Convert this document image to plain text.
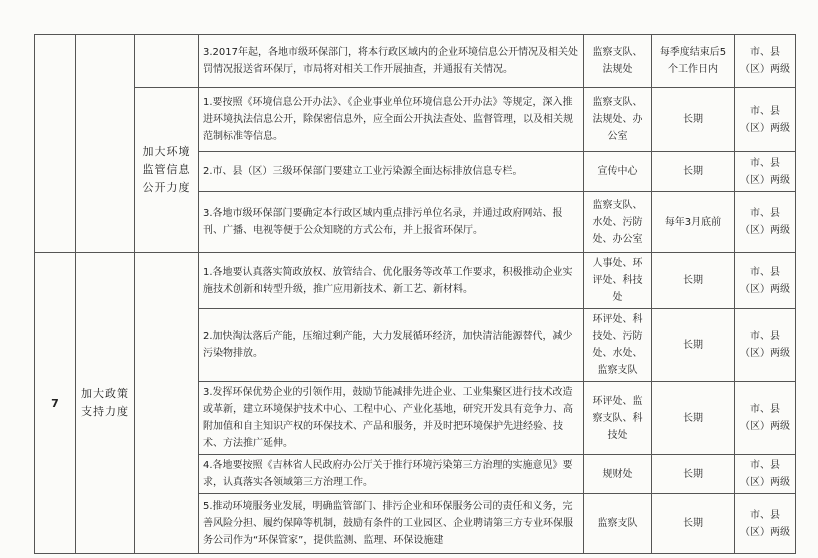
			3.2017年起，各地市级环保部门，将本行政区域内的企业环境信息公开情况及相关处罚情况报送省环保厅，市局将对相关工作开展抽查，并通报有关情况。	监察支队、法规处	每季度结束后5个工作日内	市、县（区）两级
		加大环境监管信息公开力度	1.要按照《环境信息公开办法》、《企业事业单位环境信息公开办法》等规定，深入推进环境执法信息公开，除保密信息外，应全面公开执法查处、监督管理，以及相关规范制标准等信息。	监察支队、法规处、办公室	长期	市、县（区）两级
			2.市、县（区）三级环保部门要建立工业污染源全面达标排放信息专栏。	宣传中心	长期	市、县（区）两级
			3.各地市级环保部门要确定本行政区域内重点排污单位名录，并通过政府网站、报刊、广播、电视等便于公众知晓的方式公布，并上报省环保厅。	监察支队、水处、污防处、办公室	每年3月底前	市、县（区）两级
7	加大政策支持力度		1.各地要认真落实简政放权、放管结合、优化服务等改革工作要求，积极推动企业实施技术创新和转型升级，推广应用新技术、新工艺、新材料。	人事处、环评处、科技处	长期	市、县（区）两级
			2.加快淘汰落后产能，压缩过剩产能，大力发展循环经济，加快清洁能源替代，减少污染物排放。	环评处、科技处、污防处、水处、监察支队	长期	市、县（区）两级
			3.发挥环保优势企业的引领作用，鼓励节能减排先进企业、工业集聚区进行技术改造或革新，建立环境保护技术中心、工程中心、产业化基地，研究开发具有竞争力、高附加值和自主知识产权的环保技术、产品和服务，并及时把环境保护先进经验、技术、方法推广延伸。	环评处、监察支队、科技处	长期	市、县（区）两级
			4.各地要按照《吉林省人民政府办公厅关于推行环境污染第三方治理的实施意见》要求，认真落实各领域第三方治理工作。	规财处	长期	市、县（区）两级
			5.推动环境服务业发展，明确监管部门、排污企业和环保服务公司的责任和义务，完善风险分担、履约保障等机制，鼓励有条件的工业园区、企业聘请第三方专业环保服务公司作为“环保管家”，提供监测、监理、环保设施建	监察支队	长期	市、县（区）两级
